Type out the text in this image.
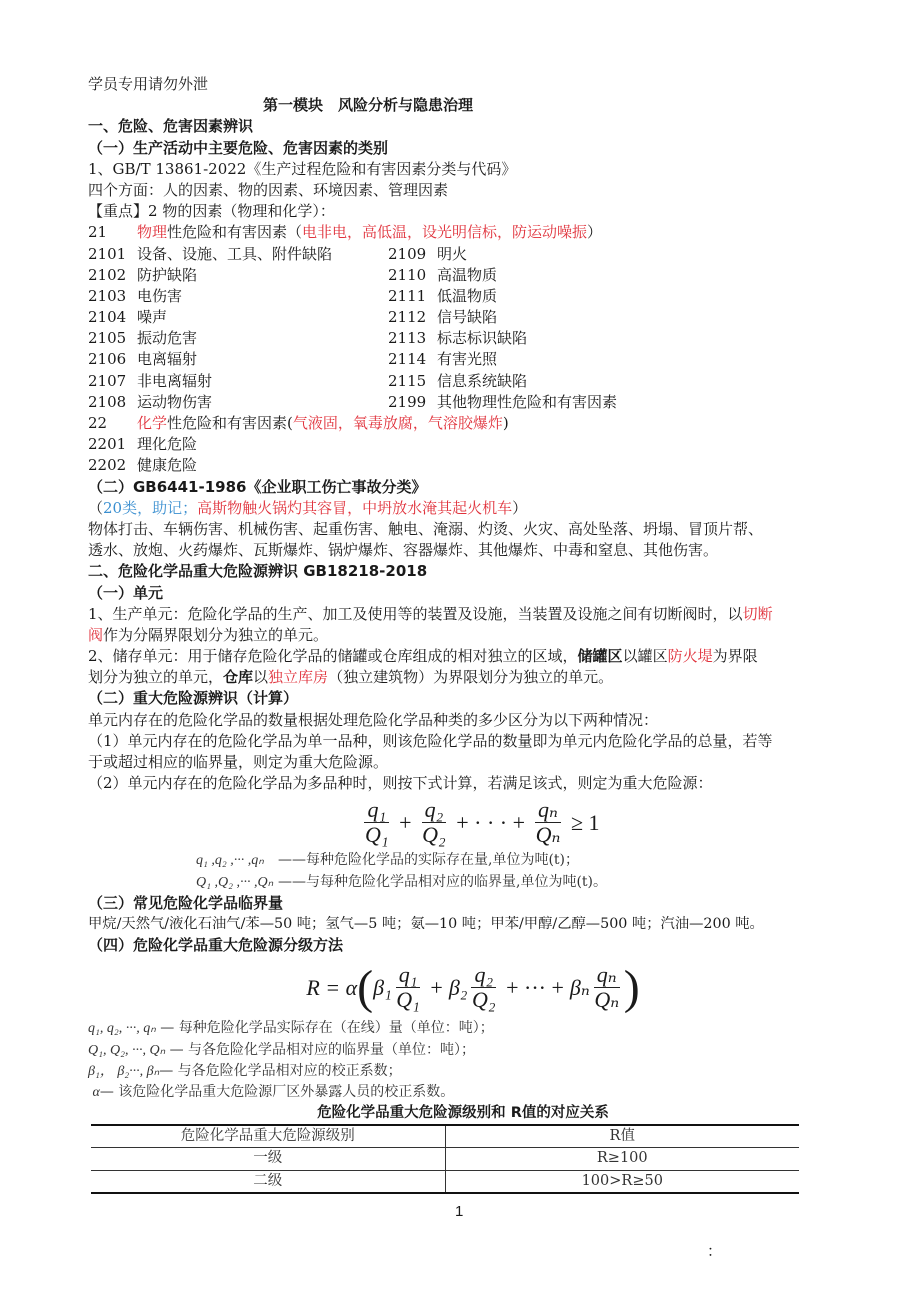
学员专用请勿外泄
第一模块　风险分析与隐患治理
一、危险、危害因素辨识
（一）生产活动中主要危险、危害因素的类别
1、GB/T 13861-2022《生产过程危险和有害因素分类与代码》
四个方面：人的因素、物的因素、环境因素、管理因素
【重点】2 物的因素（物理和化学）：
21 物理性危险和有害因素（电非电，高低温，设光明信标，防运动噪振）
2101 设备、设施、工具、附件缺陷	2109 明火
2102 防护缺陷	2110 高温物质
2103 电伤害	2111 低温物质
2104 噪声	2112 信号缺陷
2105 振动危害	2113 标志标识缺陷
2106 电离辐射	2114 有害光照
2107 非电离辐射	2115 信息系统缺陷
2108 运动物伤害	2199 其他物理性危险和有害因素
22 化学性危险和有害因素(气液固，氧毒放腐，气溶胶爆炸)
2201 理化危险
2202 健康危险
（二）GB6441-1986《企业职工伤亡事故分类》
（20类，助记；高斯物触火锅灼其容冒，中坍放水淹其起火机车）
物体打击、车辆伤害、机械伤害、起重伤害、触电、淹溺、灼烫、火灾、高处坠落、坍塌、冒顶片帮、
透水、放炮、火药爆炸、瓦斯爆炸、锅炉爆炸、容器爆炸、其他爆炸、中毒和窒息、其他伤害。
二、危险化学品重大危险源辨识 GB18218-2018
（一）单元
1、生产单元：危险化学品的生产、加工及使用等的装置及设施，当装置及设施之间有切断阀时，以切断
阀作为分隔界限划分为独立的单元。
2、储存单元：用于储存危险化学品的储罐或仓库组成的相对独立的区域，储罐区以罐区防火堤为界限
划分为独立的单元，仓库以独立库房（独立建筑物）为界限划分为独立的单元。
（二）重大危险源辨识（计算）
单元内存在的危险化学品的数量根据处理危险化学品种类的多少区分为以下两种情况：
（1）单元内存在的危险化学品为单一品种，则该危险化学品的数量即为单元内危险化学品的总量，若等
于或超过相应的临界量，则定为重大危险源。
（2）单元内存在的危险化学品为多品种时，则按下式计算，若满足该式，则定为重大危险源：
$\frac{\text{q₁}}{\text{Q₁}} + \frac{\text{q₂}}{\text{Q₂}}$ + · · · + $\frac{\text{qₙ}}{\text{Qₙ}} \ge 1$
q₁ ,q₂ ,··· ,qₙ ——每种危险化学品的实际存在量,单位为吨(t)；
Q₁ ,Q₂ ,··· ,Qₙ ——与每种危险化学品相对应的临界量,单位为吨(t)。
（三）常见危险化学品临界量
甲烷/天然气/液化石油气/苯—50 吨；氢气—5 吨；氨—10 吨；甲苯/甲醇/乙醇—500 吨；汽油—200 吨。
（四）危险化学品重大危险源分级方法
R = α ( $\beta_1 \frac{\text{q₁}}{\text{Q₁}} + \beta_2 \frac{\text{q₂}}{\text{Q₂}}$ + ··· + βₙ $\frac{\text{qₙ}}{\text{Qₙ}}$ )
q₁, q₂, ···, qₙ — 每种危险化学品实际存在（在线）量（单位：吨）；
Q₁, Q₂, ···, Qₙ — 与各危险化学品相对应的临界量（单位：吨）；
β₁， β₂···, βₙ— 与各危险化学品相对应的校正系数；
α— 该危险化学品重大危险源厂区外暴露人员的校正系数。
危险化学品重大危险源级别和 R值的对应关系
危险化学品重大危险源级别	R值
一级	R≥100
二级	100>R≥50
1
：
